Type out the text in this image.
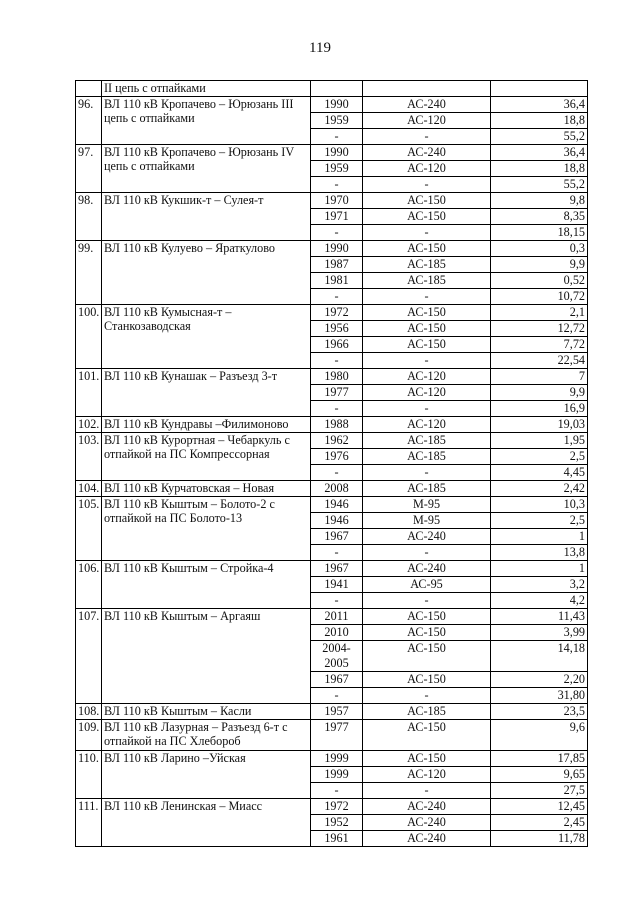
119
	II цепь с отпайками			
96.	ВЛ 110 кВ Кропачево – Юрюзань III цепь с отпайками	1990	АС-240	36,4
		1959	АС-120	18,8
		-	-	55,2
97.	ВЛ 110 кВ Кропачево – Юрюзань IV цепь с отпайками	1990	АС-240	36,4
		1959	АС-120	18,8
		-	-	55,2
98.	ВЛ 110 кВ Кукшик-т – Сулея-т	1970	АС-150	9,8
		1971	АС-150	8,35
		-	-	18,15
99.	ВЛ 110 кВ Кулуево – Яраткулово	1990	АС-150	0,3
		1987	АС-185	9,9
		1981	АС-185	0,52
		-	-	10,72
100.	ВЛ 110 кВ Кумысная-т – Станкозаводская	1972	АС-150	2,1
		1956	АС-150	12,72
		1966	АС-150	7,72
		-	-	22,54
101.	ВЛ 110 кВ Кунашак – Разъезд 3-т	1980	АС-120	7
		1977	АС-120	9,9
		-	-	16,9
102.	ВЛ 110 кВ Кундравы –Филимоново	1988	АС-120	19,03
103.	ВЛ 110 кВ Курортная – Чебаркуль с отпайкой на ПС Компрессорная	1962	АС-185	1,95
		1976	АС-185	2,5
		-	-	4,45
104.	ВЛ 110 кВ Курчатовская – Новая	2008	АС-185	2,42
105.	ВЛ 110 кВ Кыштым – Болото-2 с отпайкой на ПС Болото-13	1946	М-95	10,3
		1946	М-95	2,5
		1967	АС-240	1
		-	-	13,8
106.	ВЛ 110 кВ Кыштым – Стройка-4	1967	АС-240	1
		1941	АС-95	3,2
		-	-	4,2
107.	ВЛ 110 кВ Кыштым – Аргаяш	2011	АС-150	11,43
		2010	АС-150	3,99
		2004-2005	АС-150	14,18
		1967	АС-150	2,20
		-	-	31,80
108.	ВЛ 110 кВ Кыштым – Касли	1957	АС-185	23,5
109.	ВЛ 110 кВ Лазурная – Разъезд 6-т с отпайкой на ПС Хлебороб	1977	АС-150	9,6
110.	ВЛ 110 кВ Ларино –Уйская	1999	АС-150	17,85
		1999	АС-120	9,65
		-	-	27,5
111.	ВЛ 110 кВ Ленинская – Миасс	1972	АС-240	12,45
		1952	АС-240	2,45
		1961	АС-240	11,78
